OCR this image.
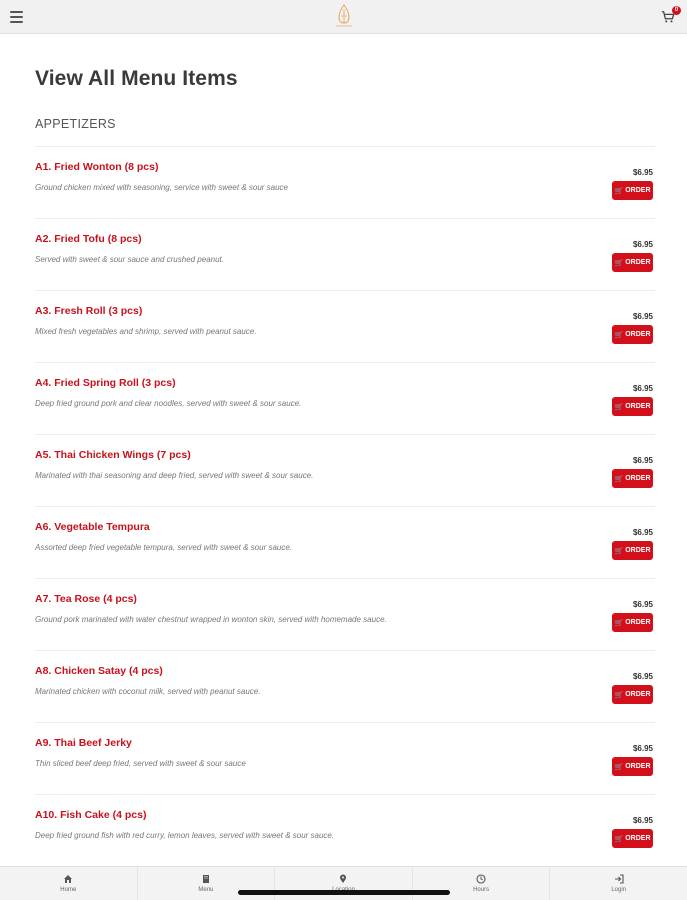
0
View All Menu Items
APPETIZERS
A1. Fried Wonton (8 pcs)
Ground chicken mixed with seasoning, service with sweet & sour sauce
$6.95
🛒 ORDER
A2. Fried Tofu (8 pcs)
Served with sweet & sour sauce and crushed peanut.
$6.95
🛒 ORDER
A3. Fresh Roll (3 pcs)
Mixed fresh vegetables and shrimp, served with peanut sauce.
$6.95
🛒 ORDER
A4. Fried Spring Roll (3 pcs)
Deep fried ground pork and clear noodles, served with sweet & sour sauce.
$6.95
🛒 ORDER
A5. Thai Chicken Wings (7 pcs)
Marinated with thai seasoning and deep fried, served with sweet & sour sauce.
$6.95
🛒 ORDER
A6. Vegetable Tempura
Assorted deep fried vegetable tempura, served with sweet & sour sauce.
$6.95
🛒 ORDER
A7. Tea Rose (4 pcs)
Ground pork marinated with water chestnut wrapped in wonton skin, served with homemade sauce.
$6.95
🛒 ORDER
A8. Chicken Satay (4 pcs)
Marinated chicken with coconut milk, served with peanut sauce.
$6.95
🛒 ORDER
A9. Thai Beef Jerky
Thin sliced beef deep fried, served with sweet & sour sauce
$6.95
🛒 ORDER
A10. Fish Cake (4 pcs)
Deep fried ground fish with red curry, lemon leaves, served with sweet & sour sauce.
$6.95
🛒 ORDER
Home	Menu	Hours	Login
